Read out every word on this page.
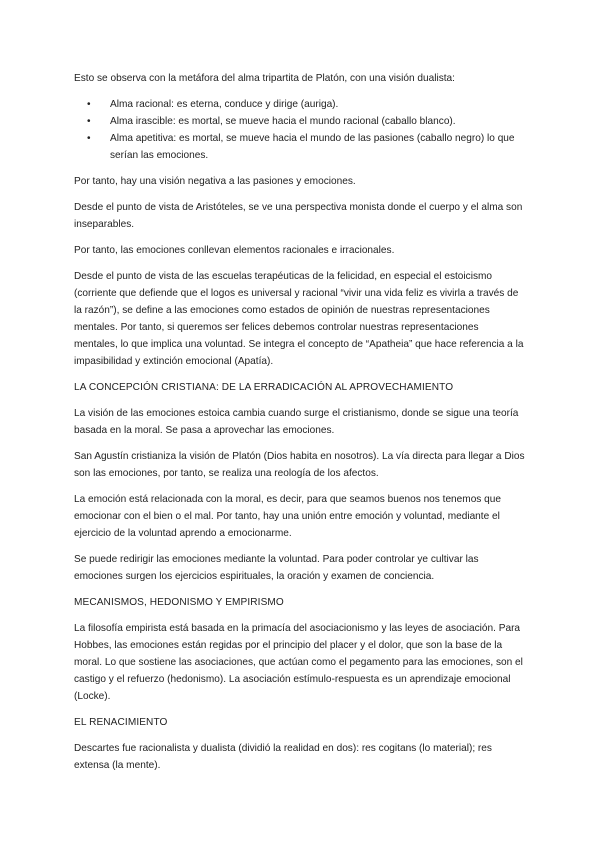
Esto se observa con la metáfora del alma tripartita de Platón, con una visión dualista:

• Alma racional: es eterna, conduce y dirige (auriga).
• Alma irascible: es mortal, se mueve hacia el mundo racional (caballo blanco).
• Alma apetitiva: es mortal, se mueve hacia el mundo de las pasiones (caballo negro) lo que serían las emociones.

Por tanto, hay una visión negativa a las pasiones y emociones.

Desde el punto de vista de Aristóteles, se ve una perspectiva monista donde el cuerpo y el alma son inseparables.

Por tanto, las emociones conllevan elementos racionales e irracionales.

Desde el punto de vista de las escuelas terapéuticas de la felicidad, en especial el estoicismo (corriente que defiende que el logos es universal y racional “vivir una vida feliz es vivirla a través de la razón”), se define a las emociones como estados de opinión de nuestras representaciones mentales. Por tanto, si queremos ser felices debemos controlar nuestras representaciones mentales, lo que implica una voluntad. Se integra el concepto de “Apatheia” que hace referencia a la impasibilidad y extinción emocional (Apatía).

LA CONCEPCIÓN CRISTIANA: DE LA ERRADICACIÓN AL APROVECHAMIENTO

La visión de las emociones estoica cambia cuando surge el cristianismo, donde se sigue una teoría basada en la moral. Se pasa a aprovechar las emociones.

San Agustín cristianiza la visión de Platón (Dios habita en nosotros). La vía directa para llegar a Dios son las emociones, por tanto, se realiza una reología de los afectos.

La emoción está relacionada con la moral, es decir, para que seamos buenos nos tenemos que emocionar con el bien o el mal. Por tanto, hay una unión entre emoción y voluntad, mediante el ejercicio de la voluntad aprendo a emocionarme.

Se puede redirigir las emociones mediante la voluntad. Para poder controlar ye cultivar las emociones surgen los ejercicios espirituales, la oración y examen de conciencia.

MECANISMOS, HEDONISMO Y EMPIRISMO

La filosofía empirista está basada en la primacía del asociacionismo y las leyes de asociación. Para Hobbes, las emociones están regidas por el principio del placer y el dolor, que son la base de la moral. Lo que sostiene las asociaciones, que actúan como el pegamento para las emociones, son el castigo y el refuerzo (hedonismo). La asociación estímulo-respuesta es un aprendizaje emocional (Locke).

EL RENACIMIENTO

Descartes fue racionalista y dualista (dividió la realidad en dos): res cogitans (lo material); res extensa (la mente).
